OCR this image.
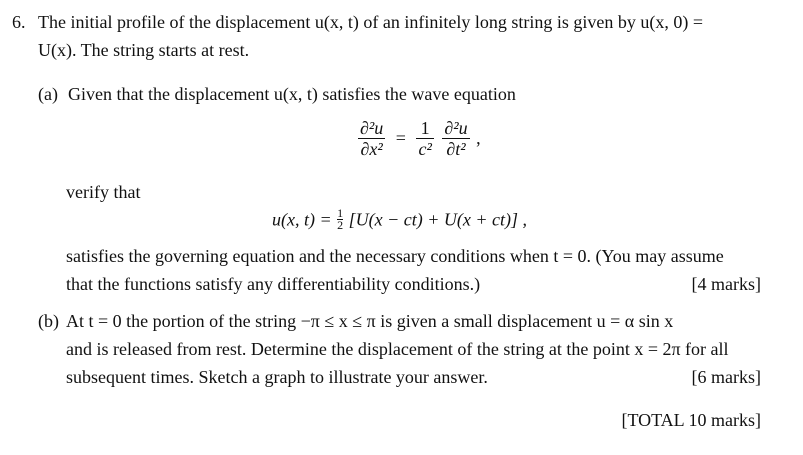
6. The initial profile of the displacement u(x, t) of an infinitely long string is given by u(x, 0) =
U(x). The string starts at rest.
(a) Given that the displacement u(x, t) satisfies the wave equation
$\frac{\text{∂²u}}{\text{∂x²}} = \frac{1}{\text{c²}}$
$\frac{\text{∂²u}}{\text{∂t²}}$ ,
verify that
u(x, $t) = \frac{1}{2} [U(x - ct) + U(x + ct)]$ ,
satisfies the governing equation and the necessary conditions when t = 0. (You may assume
that the functions satisfy any differentiability conditions.)	[4 marks]
(b) At t = 0 the portion of the string −π ≤ x ≤ π is given a small displacement u = α sin x
and is released from rest. Determine the displacement of the string at the point x = 2π for all
subsequent times. Sketch a graph to illustrate your answer.	[6 marks]
[TOTAL 10 marks]
